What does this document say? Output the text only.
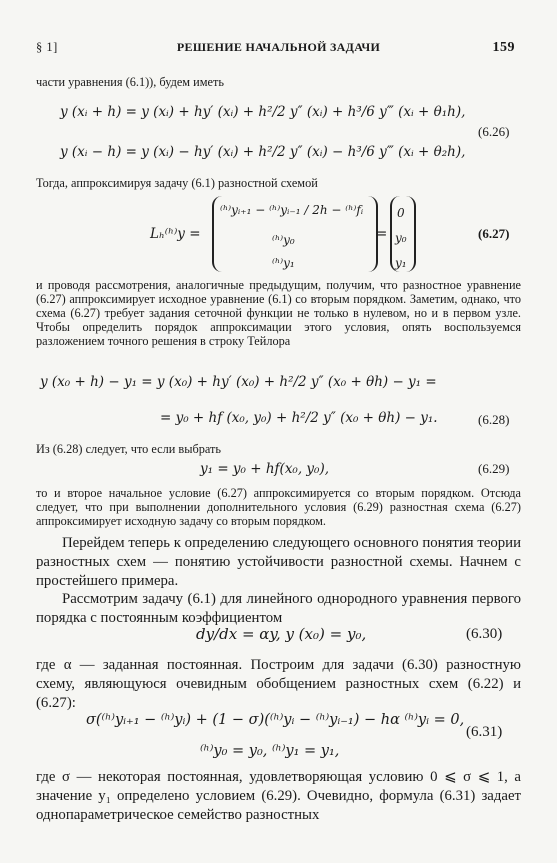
§ 1]	РЕШЕНИЕ НАЧАЛЬНОЙ ЗАДАЧИ	159
части уравнения (6.1)), будем иметь
y (xᵢ + h) = y (xᵢ) + hy′ (xᵢ) + h²/2 y″ (xᵢ) + h³/6 y‴ (xᵢ + θ₁h),
y (xᵢ − h) = y (xᵢ) − hy′ (xᵢ) + h²/2 y″ (xᵢ) − h³/6 y‴ (xᵢ + θ₂h),
(6.26)
Тогда, аппроксимируя задачу (6.1) разностной схемой
Lₕ⁽ʰ⁾y =
⁽ʰ⁾yᵢ₊₁ − ⁽ʰ⁾yᵢ₋₁ / 2h − ⁽ʰ⁾fᵢ
⁽ʰ⁾y₀
⁽ʰ⁾y₁
=
0
y₀
y₁
(6.27)
и проводя рассмотрения, аналогичные предыдущим, получим, что разностное уравнение (6.27) аппроксимирует исходное уравнение (6.1) со вторым порядком. Заметим, однако, что схема (6.27) требует задания сеточной функции не только в нулевом, но и в первом узле. Чтобы определить порядок аппроксимации этого условия, опять воспользуемся разложением точного решения в строку Тейлора
y (x₀ + h) − y₁ = y (x₀) + hy′ (x₀) + h²/2 y″ (x₀ + θh) − y₁ =
= y₀ + hf (x₀, y₀) + h²/2 y″ (x₀ + θh) − y₁.	(6.28)
Из (6.28) следует, что если выбрать
y₁ = y₀ + hf(x₀, y₀),	(6.29)
то и второе начальное условие (6.27) аппроксимируется со вторым порядком. Отсюда следует, что при выполнении дополнительного условия (6.29) разностная схема (6.27) аппроксимирует исходную задачу со вторым порядком.
Перейдем теперь к определению следующего основного понятия теории разностных схем — понятию устойчивости разностной схемы. Начнем с простейшего примера.
Рассмотрим задачу (6.1) для линейного однородного уравнения первого порядка с постоянным коэффициентом
dy/dx = αy, y (x₀) = y₀,	(6.30)
где α — заданная постоянная. Построим для задачи (6.30) разностную схему, являющуюся очевидным обобщением разностных схем (6.22) и (6.27):
σ(⁽ʰ⁾yᵢ₊₁ − ⁽ʰ⁾yᵢ) + (1 − σ)(⁽ʰ⁾yᵢ − ⁽ʰ⁾yᵢ₋₁) − hα ⁽ʰ⁾yᵢ = 0,
⁽ʰ⁾y₀ = y₀, ⁽ʰ⁾y₁ = y₁,
(6.31)
где σ — некоторая постоянная, удовлетворяющая условию 0 ⩽ σ ⩽ 1, а значение y₁ определено условием (6.29). Очевидно, формула (6.31) задает однопараметрическое семейство разностных
